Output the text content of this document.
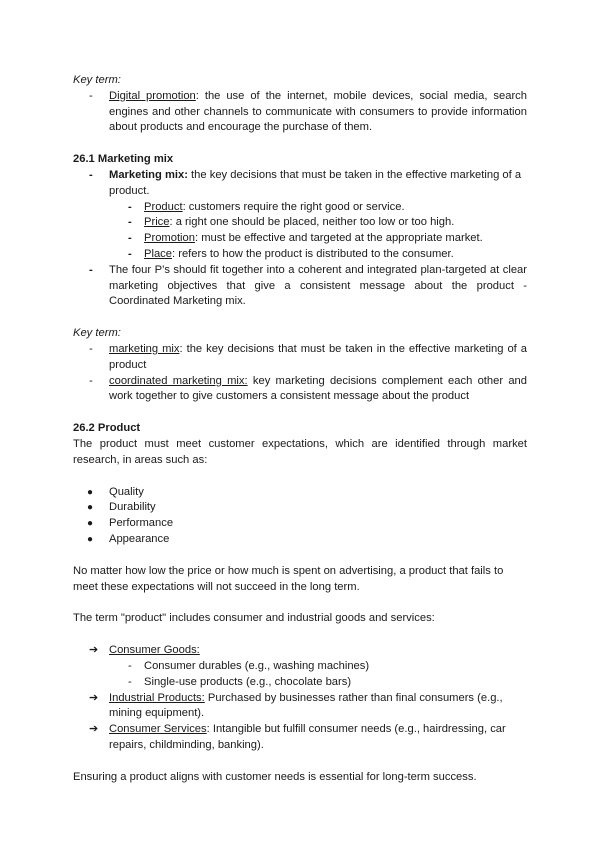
Key term:

- Digital promotion: the use of the internet, mobile devices, social media, search engines and other channels to communicate with consumers to provide information about products and encourage the purchase of them.

26.1 Marketing mix

- Marketing mix: the key decisions that must be taken in the effective marketing of a product.
- Product: customers require the right good or service.
- Price: a right one should be placed, neither too low or too high.
- Promotion: must be effective and targeted at the appropriate market.
- Place: refers to how the product is distributed to the consumer.
- The four P’s should fit together into a coherent and integrated plan-targeted at clear marketing objectives that give a consistent message about the product - Coordinated Marketing mix.

Key term:

- marketing mix: the key decisions that must be taken in the effective marketing of a product
- coordinated marketing mix: key marketing decisions complement each other and work together to give customers a consistent message about the product

26.2 Product

The product must meet customer expectations, which are identified through market research, in areas such as:

● Quality
● Durability
● Performance
● Appearance

No matter how low the price or how much is spent on advertising, a product that fails to meet these expectations will not succeed in the long term.

The term "product" includes consumer and industrial goods and services:

➔ Consumer Goods:
- Consumer durables (e.g., washing machines)
- Single-use products (e.g., chocolate bars)
➔ Industrial Products: Purchased by businesses rather than final consumers (e.g., mining equipment).
➔ Consumer Services: Intangible but fulfill consumer needs (e.g., hairdressing, car repairs, childminding, banking).

Ensuring a product aligns with customer needs is essential for long-term success.
